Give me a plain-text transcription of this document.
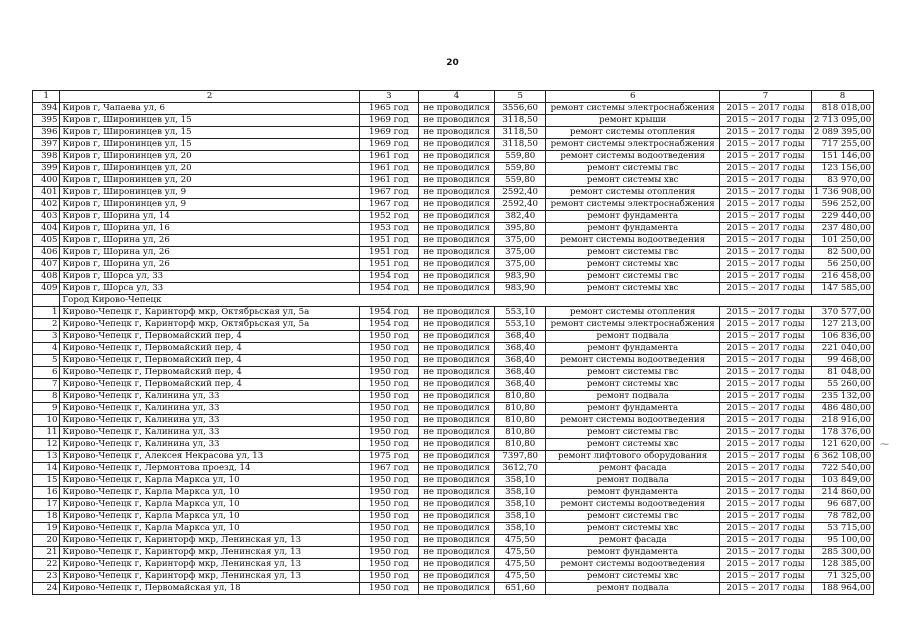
20
1	2	3	4	5	6	7	8
394	Киров г, Чапаева ул, 6	1965 год	не проводился	3556,60	ремонт системы электроснабжения	2015 – 2017 годы	818 018,00
395	Киров г, Широнинцев ул, 15	1969 год	не проводился	3118,50	ремонт крыши	2015 – 2017 годы	2 713 095,00
396	Киров г, Широнинцев ул, 15	1969 год	не проводился	3118,50	ремонт системы отопления	2015 – 2017 годы	2 089 395,00
397	Киров г, Широнинцев ул, 15	1969 год	не проводился	3118,50	ремонт системы электроснабжения	2015 – 2017 годы	717 255,00
398	Киров г, Широнинцев ул, 20	1961 год	не проводился	559,80	ремонт системы водоотведения	2015 – 2017 годы	151 146,00
399	Киров г, Широнинцев ул, 20	1961 год	не проводился	559,80	ремонт системы гвс	2015 – 2017 годы	123 156,00
400	Киров г, Широнинцев ул, 20	1961 год	не проводился	559,80	ремонт системы хвс	2015 – 2017 годы	83 970,00
401	Киров г, Широнинцев ул, 9	1967 год	не проводился	2592,40	ремонт системы отопления	2015 – 2017 годы	1 736 908,00
402	Киров г, Широнинцев ул, 9	1967 год	не проводился	2592,40	ремонт системы электроснабжения	2015 – 2017 годы	596 252,00
403	Киров г, Шорина ул, 14	1952 год	не проводился	382,40	ремонт фундамента	2015 – 2017 годы	229 440,00
404	Киров г, Шорина ул, 16	1953 год	не проводился	395,80	ремонт фундамента	2015 – 2017 годы	237 480,00
405	Киров г, Шорина ул, 26	1951 год	не проводился	375,00	ремонт системы водоотведения	2015 – 2017 годы	101 250,00
406	Киров г, Шорина ул, 26	1951 год	не проводился	375,00	ремонт системы гвс	2015 – 2017 годы	82 500,00
407	Киров г, Шорина ул, 26	1951 год	не проводился	375,00	ремонт системы хвс	2015 – 2017 годы	56 250,00
408	Киров г, Шорса ул, 33	1954 год	не проводился	983,90	ремонт системы гвс	2015 – 2017 годы	216 458,00
409	Киров г, Шорса ул, 33	1954 год	не проводился	983,90	ремонт системы хвс	2015 – 2017 годы	147 585,00
	Город Кирово-Чепецк						
1	Кирово-Чепецк г, Каринторф мкр, Октябрьская ул, 5а	1954 год	не проводился	553,10	ремонт системы отопления	2015 – 2017 годы	370 577,00
2	Кирово-Чепецк г, Каринторф мкр, Октябрьская ул, 5а	1954 год	не проводился	553,10	ремонт системы электроснабжения	2015 – 2017 годы	127 213,00
3	Кирово-Чепецк г, Первомайский пер, 4	1950 год	не проводился	368,40	ремонт подвала	2015 – 2017 годы	106 836,00
4	Кирово-Чепецк г, Первомайский пер, 4	1950 год	не проводился	368,40	ремонт фундамента	2015 – 2017 годы	221 040,00
5	Кирово-Чепецк г, Первомайский пер, 4	1950 год	не проводился	368,40	ремонт системы водоотведения	2015 – 2017 годы	99 468,00
6	Кирово-Чепецк г, Первомайский пер, 4	1950 год	не проводился	368,40	ремонт системы гвс	2015 – 2017 годы	81 048,00
7	Кирово-Чепецк г, Первомайский пер, 4	1950 год	не проводился	368,40	ремонт системы хвс	2015 – 2017 годы	55 260,00
8	Кирово-Чепецк г, Калинина ул, 33	1950 год	не проводился	810,80	ремонт подвала	2015 – 2017 годы	235 132,00
9	Кирово-Чепецк г, Калинина ул, 33	1950 год	не проводился	810,80	ремонт фундамента	2015 – 2017 годы	486 480,00
10	Кирово-Чепецк г, Калинина ул, 33	1950 год	не проводился	810,80	ремонт системы водоотведения	2015 – 2017 годы	218 916,00
11	Кирово-Чепецк г, Калинина ул, 33	1950 год	не проводился	810,80	ремонт системы гвс	2015 – 2017 годы	178 376,00
12	Кирово-Чепецк г, Калинина ул, 33	1950 год	не проводился	810,80	ремонт системы хвс	2015 – 2017 годы	121 620,00
13	Кирово-Чепецк г, Алексея Некрасова ул, 13	1975 год	не проводился	7397,80	ремонт лифтового оборудования	2015 – 2017 годы	6 362 108,00
14	Кирово-Чепецк г, Лермонтова проезд, 14	1967 год	не проводился	3612,70	ремонт фасада	2015 – 2017 годы	722 540,00
15	Кирово-Чепецк г, Карла Маркса ул, 10	1950 год	не проводился	358,10	ремонт подвала	2015 – 2017 годы	103 849,00
16	Кирово-Чепецк г, Карла Маркса ул, 10	1950 год	не проводился	358,10	ремонт фундамента	2015 – 2017 годы	214 860,00
17	Кирово-Чепецк г, Карла Маркса ул, 10	1950 год	не проводился	358,10	ремонт системы водоотведения	2015 – 2017 годы	96 687,00
18	Кирово-Чепецк г, Карла Маркса ул, 10	1950 год	не проводился	358,10	ремонт системы гвс	2015 – 2017 годы	78 782,00
19	Кирово-Чепецк г, Карла Маркса ул, 10	1950 год	не проводился	358,10	ремонт системы хвс	2015 – 2017 годы	53 715,00
20	Кирово-Чепецк г, Каринторф мкр, Ленинская ул, 13	1950 год	не проводился	475,50	ремонт фасада	2015 – 2017 годы	95 100,00
21	Кирово-Чепецк г, Каринторф мкр, Ленинская ул, 13	1950 год	не проводился	475,50	ремонт фундамента	2015 – 2017 годы	285 300,00
22	Кирово-Чепецк г, Каринторф мкр, Ленинская ул, 13	1950 год	не проводился	475,50	ремонт системы водоотведения	2015 – 2017 годы	128 385,00
23	Кирово-Чепецк г, Каринторф мкр, Ленинская ул, 13	1950 год	не проводился	475,50	ремонт системы хвс	2015 – 2017 годы	71 325,00
24	Кирово-Чепецк г, Первомайская ул, 18	1950 год	не проводился	651,60	ремонт подвала	2015 – 2017 годы	188 964,00
⁓
